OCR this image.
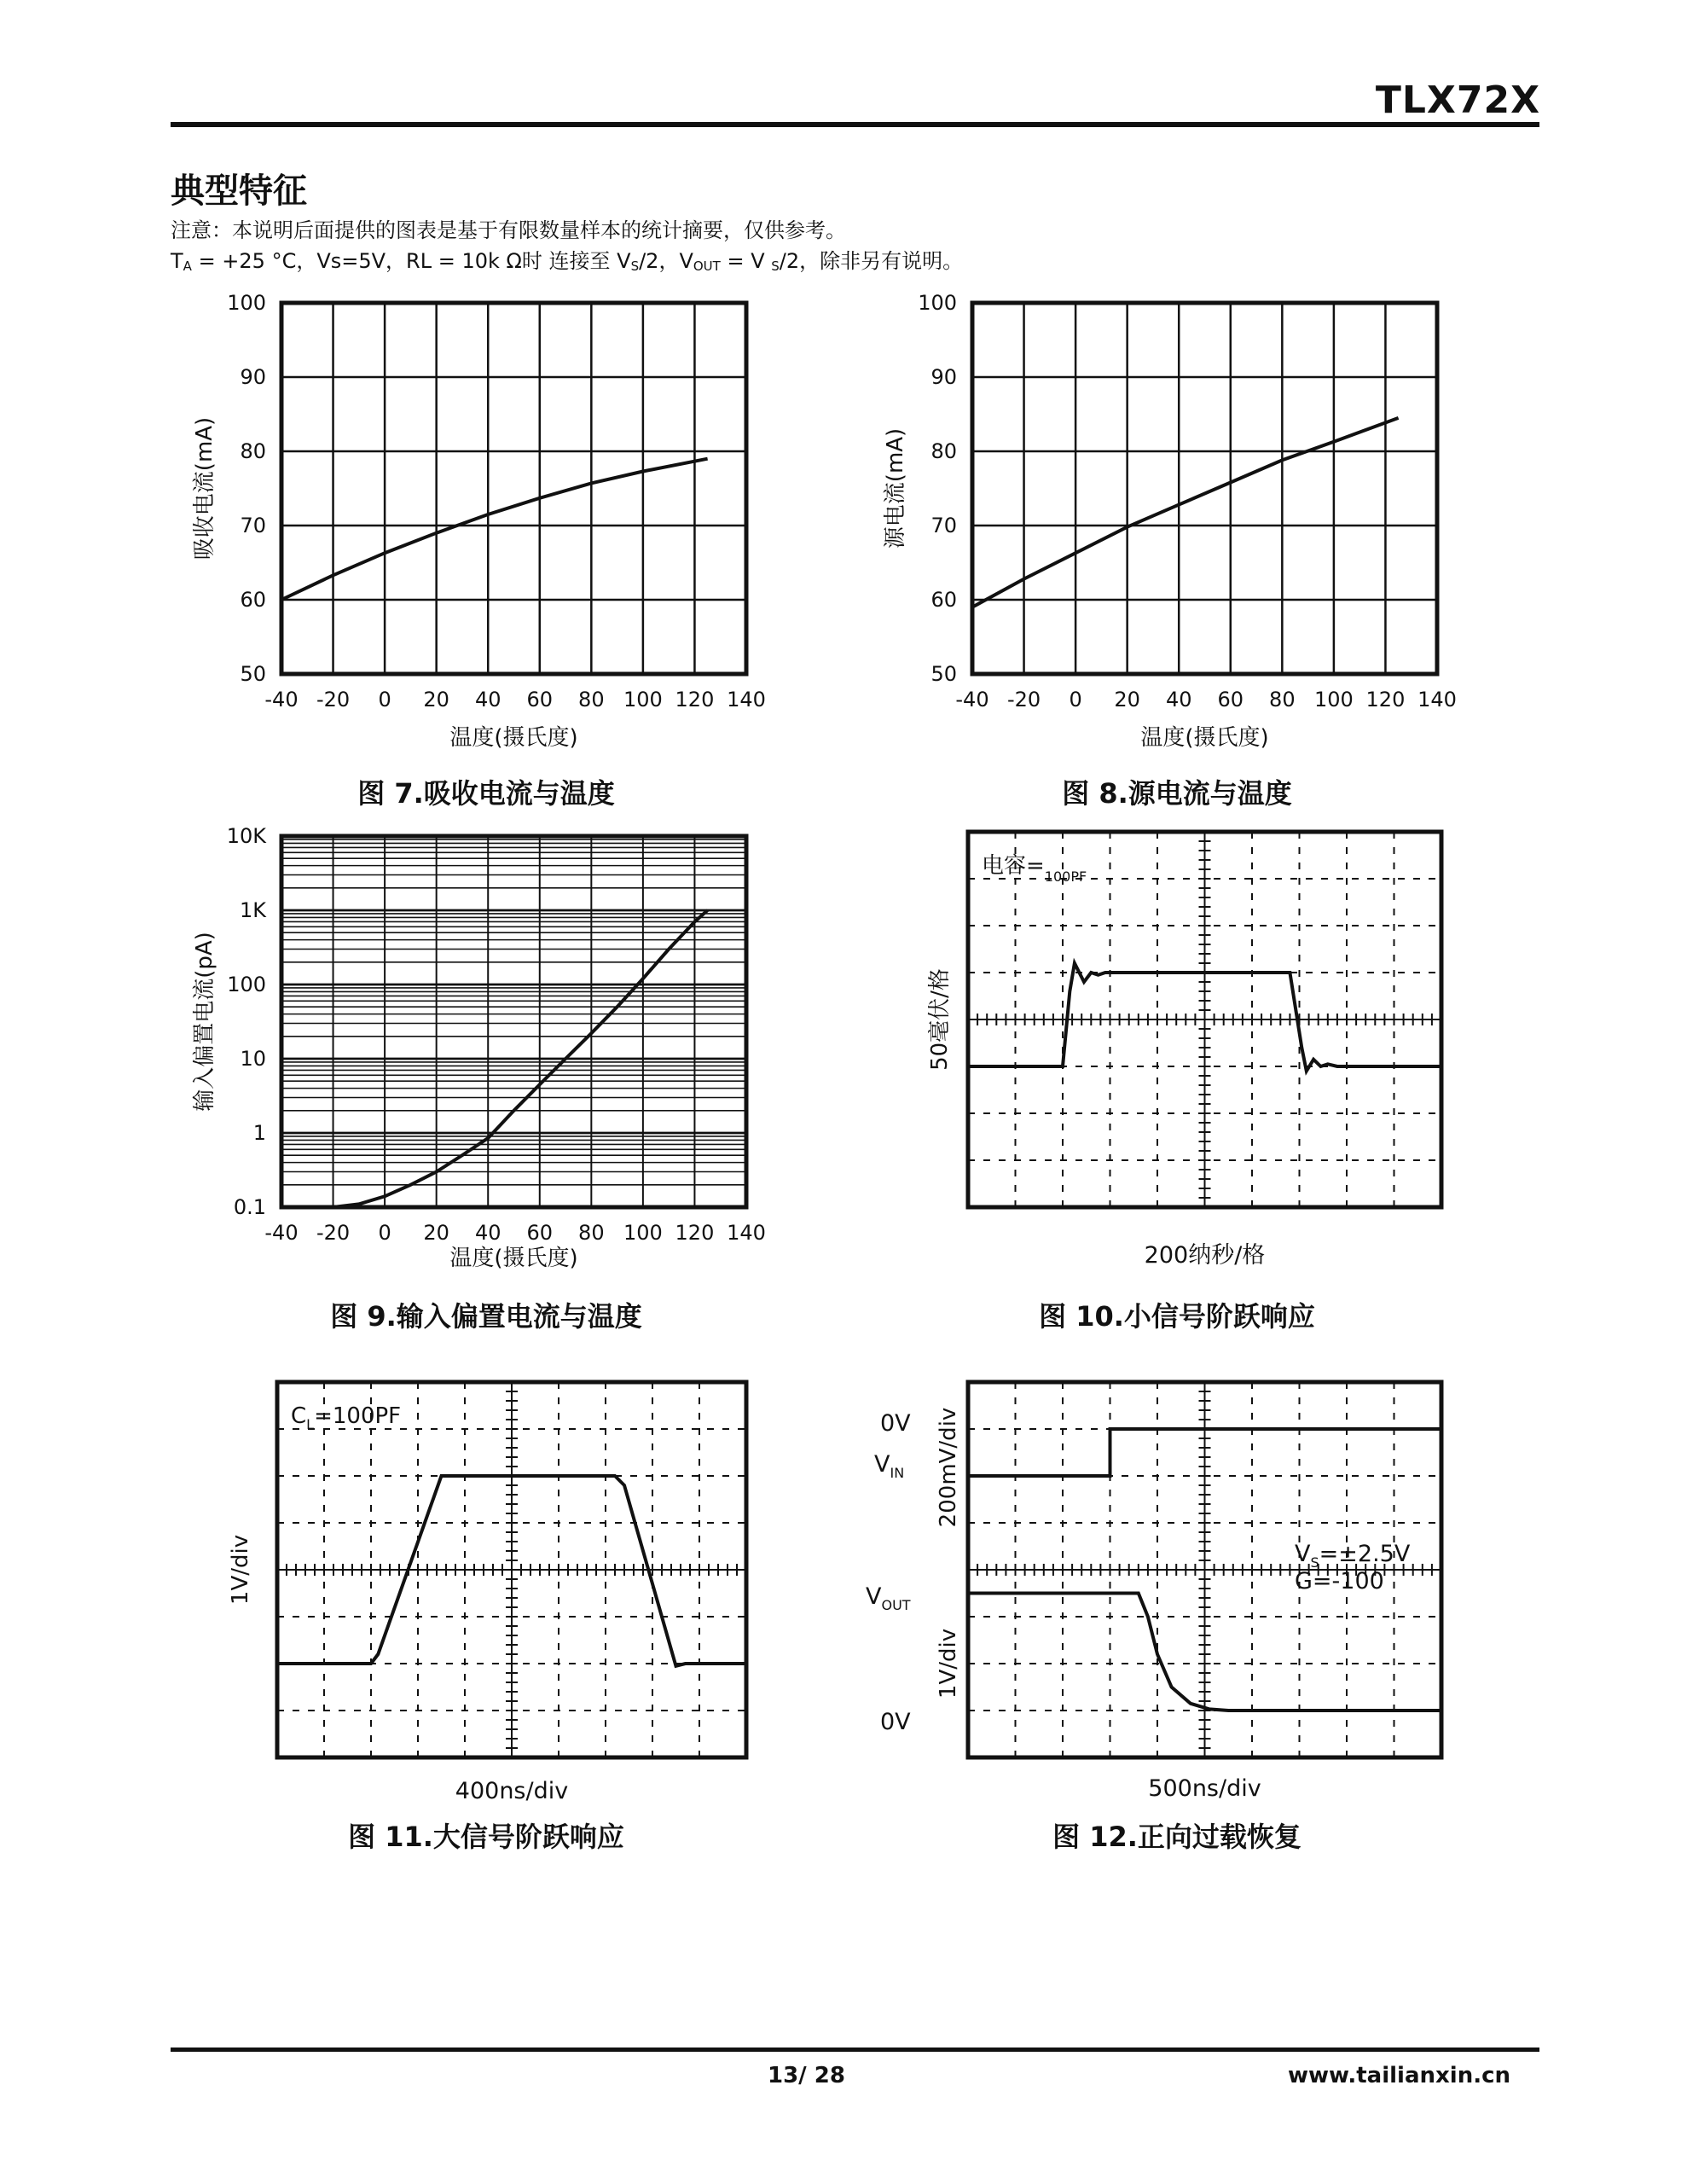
TLX72X
典型特征
注意：本说明后面提供的图表是基于有限数量样本的统计摘要，仅供参考。
$T_A = +25$ °C，Vs=5V，RL = 10k Ω时 连接至 $V_S/2$，$V_{OUT} = V$ $_S$/2，除非另有说明。
-40 -20 0 20 40 60 80 100 120 140
50
60
70
80
90
100
温度(摄氏度)
吸收电流(mA)
图 7.吸收电流与温度
-40 -20 0 20 40 60 80 100 120 140
50
60
70
80
90
100
温度(摄氏度)
源电流(mA)
图 8.源电流与温度
-40 -20 0 20 40 60 80 100 120 140
0.1
1
10
100
1K
10K
温度(摄氏度)
输入偏置电流(pA)
图 9.输入偏置电流与温度
电容$=_{100PF}$
200纳秒/格
50毫伏/格
图 10.小信号阶跃响应
$C_L=100PF$
400ns/div
1V/div
图 11.大信号阶跃响应
0V
$V_{IN}$
$V_{OUT}$
0V
200mV/div
1V/div
$V_S=\pm 2.5V$
G=-100
500ns/div
图 12.正向过载恢复
13/ 28	www.tailianxin.cn
